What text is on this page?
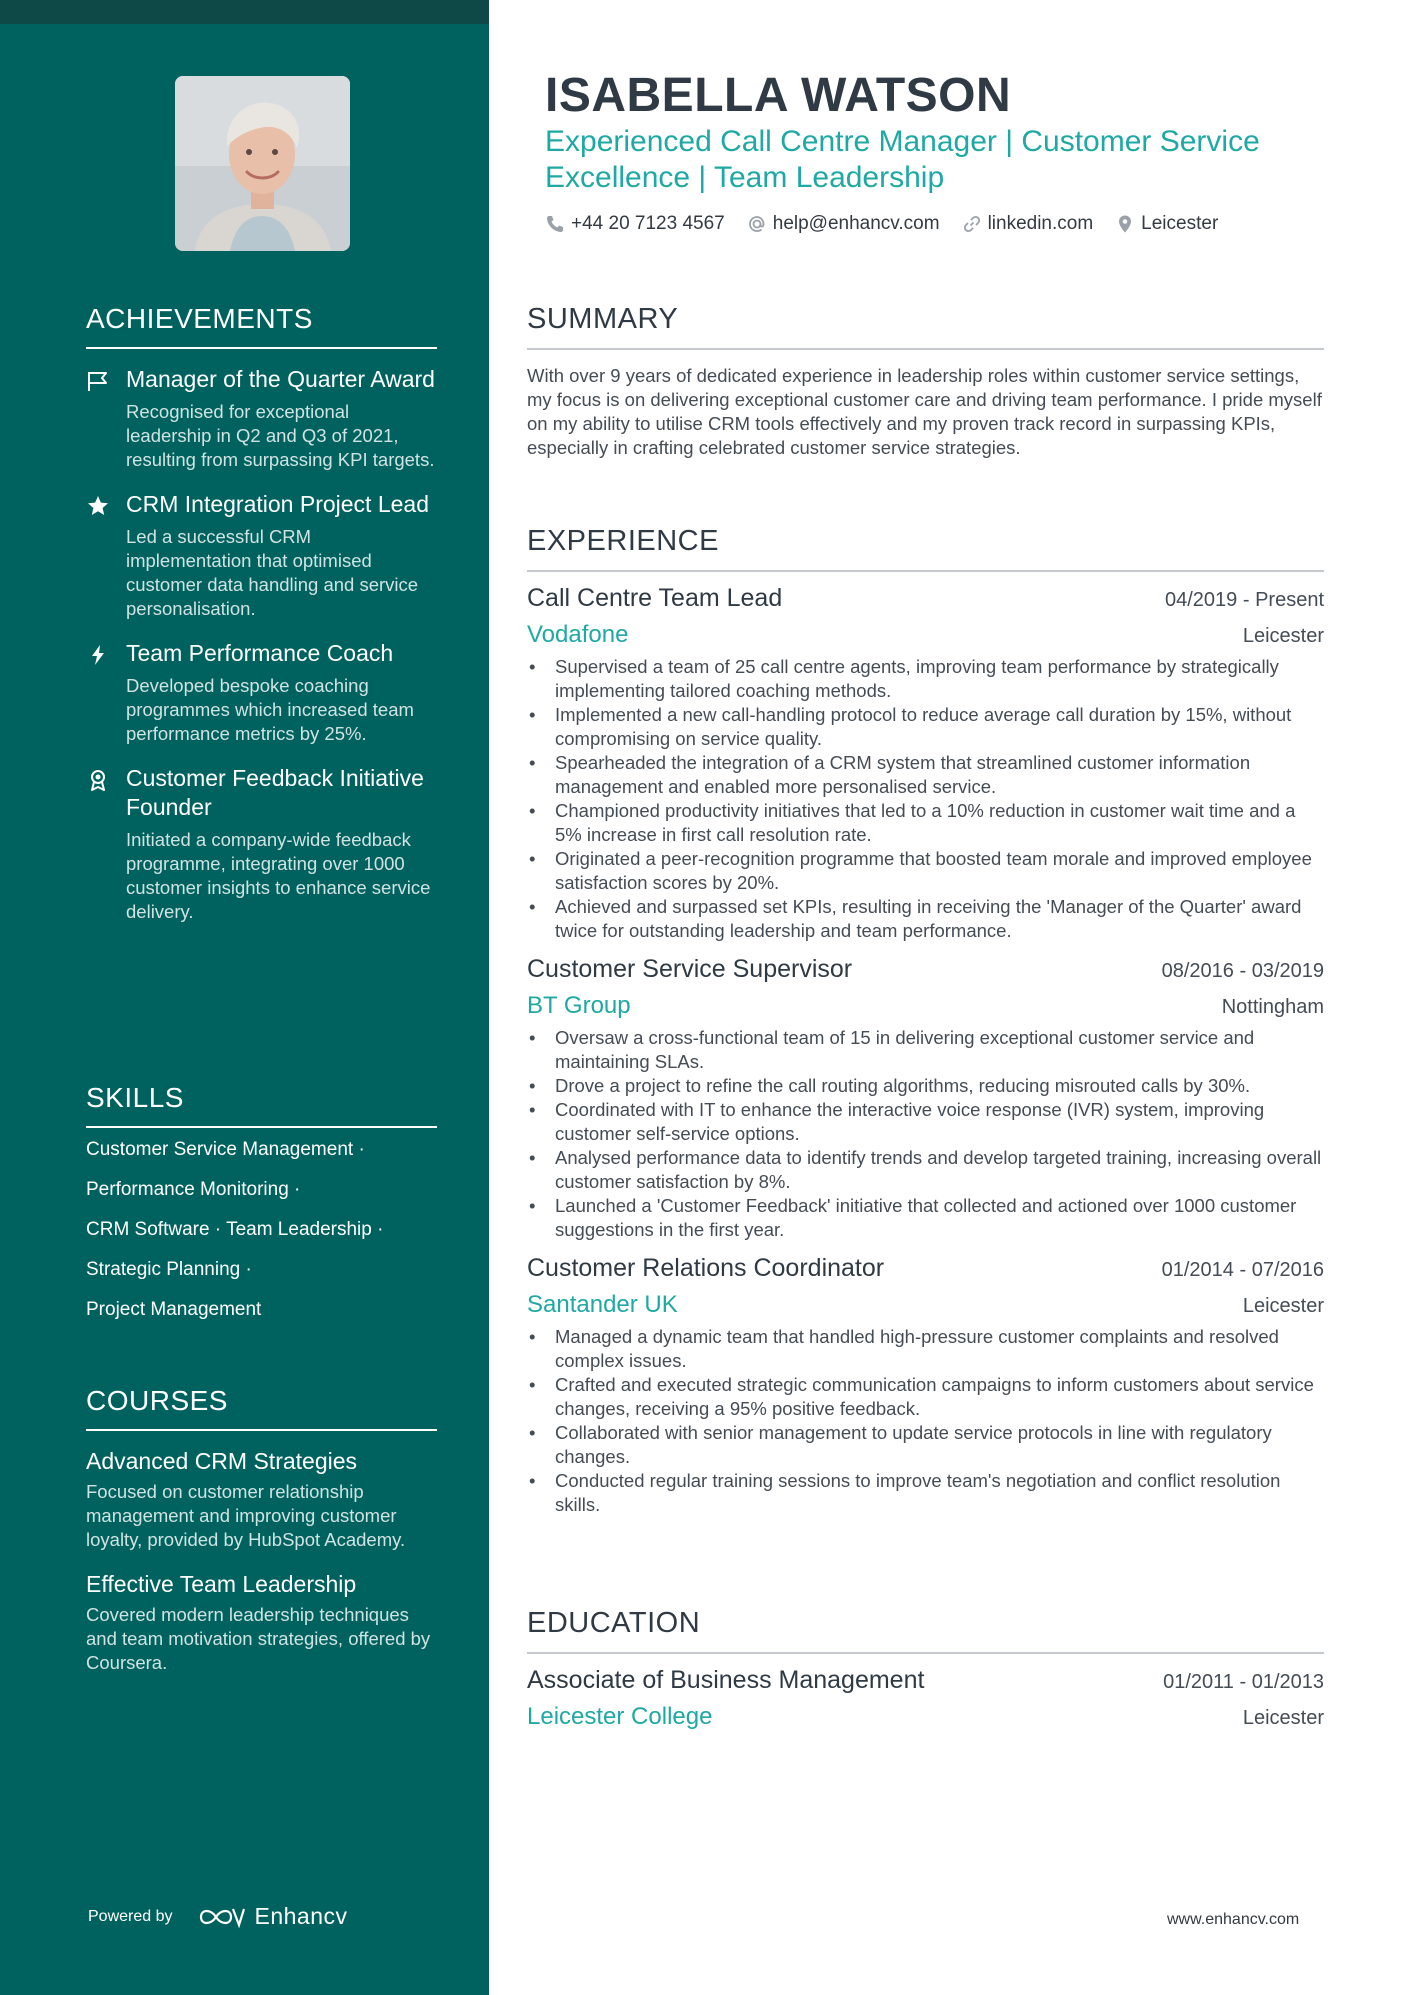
ACHIEVEMENTS
Manager of the Quarter Award
Recognised for exceptional leadership in Q2 and Q3 of 2021, resulting from surpassing KPI targets.
CRM Integration Project Lead
Led a successful CRM implementation that optimised customer data handling and service personalisation.
Team Performance Coach
Developed bespoke coaching programmes which increased team performance metrics by 25%.
Customer Feedback Initiative Founder
Initiated a company-wide feedback programme, integrating over 1000 customer insights to enhance service delivery.
SKILLS
Customer Service Management ·
Performance Monitoring ·
CRM Software · Team Leadership ·
Strategic Planning ·
Project Management
COURSES
Advanced CRM Strategies
Focused on customer relationship management and improving customer loyalty, provided by HubSpot Academy.
Effective Team Leadership
Covered modern leadership techniques and team motivation strategies, offered by Coursera.
Powered by	Enhancv
ISABELLA WATSON
Experienced Call Centre Manager | Customer Service Excellence | Team Leadership
+44 20 7123 4567	help@enhancv.com	linkedin.com	Leicester
SUMMARY

With over 9 years of dedicated experience in leadership roles within customer service settings, my focus is on delivering exceptional customer care and driving team performance. I pride myself on my ability to utilise CRM tools effectively and my proven track record in surpassing KPIs, especially in crafting celebrated customer service strategies.

EXPERIENCE
Call Centre Team Lead	04/2019 - Present
Vodafone	Leicester
• Supervised a team of 25 call centre agents, improving team performance by strategically implementing tailored coaching methods.
• Implemented a new call-handling protocol to reduce average call duration by 15%, without compromising on service quality.
• Spearheaded the integration of a CRM system that streamlined customer information management and enabled more personalised service.
• Championed productivity initiatives that led to a 10% reduction in customer wait time and a 5% increase in first call resolution rate.
• Originated a peer-recognition programme that boosted team morale and improved employee satisfaction scores by 20%.
• Achieved and surpassed set KPIs, resulting in receiving the 'Manager of the Quarter' award twice for outstanding leadership and team performance.
Customer Service Supervisor	08/2016 - 03/2019
BT Group	Nottingham
• Oversaw a cross-functional team of 15 in delivering exceptional customer service and maintaining SLAs.
• Drove a project to refine the call routing algorithms, reducing misrouted calls by 30%.
• Coordinated with IT to enhance the interactive voice response (IVR) system, improving customer self-service options.
• Analysed performance data to identify trends and develop targeted training, increasing overall customer satisfaction by 8%.
• Launched a 'Customer Feedback' initiative that collected and actioned over 1000 customer suggestions in the first year.
Customer Relations Coordinator	01/2014 - 07/2016
Santander UK	Leicester
• Managed a dynamic team that handled high-pressure customer complaints and resolved complex issues.
• Crafted and executed strategic communication campaigns to inform customers about service changes, receiving a 95% positive feedback.
• Collaborated with senior management to update service protocols in line with regulatory changes.
• Conducted regular training sessions to improve team's negotiation and conflict resolution skills.
EDUCATION
Associate of Business Management	01/2011 - 01/2013
Leicester College	Leicester
www.enhancv.com
